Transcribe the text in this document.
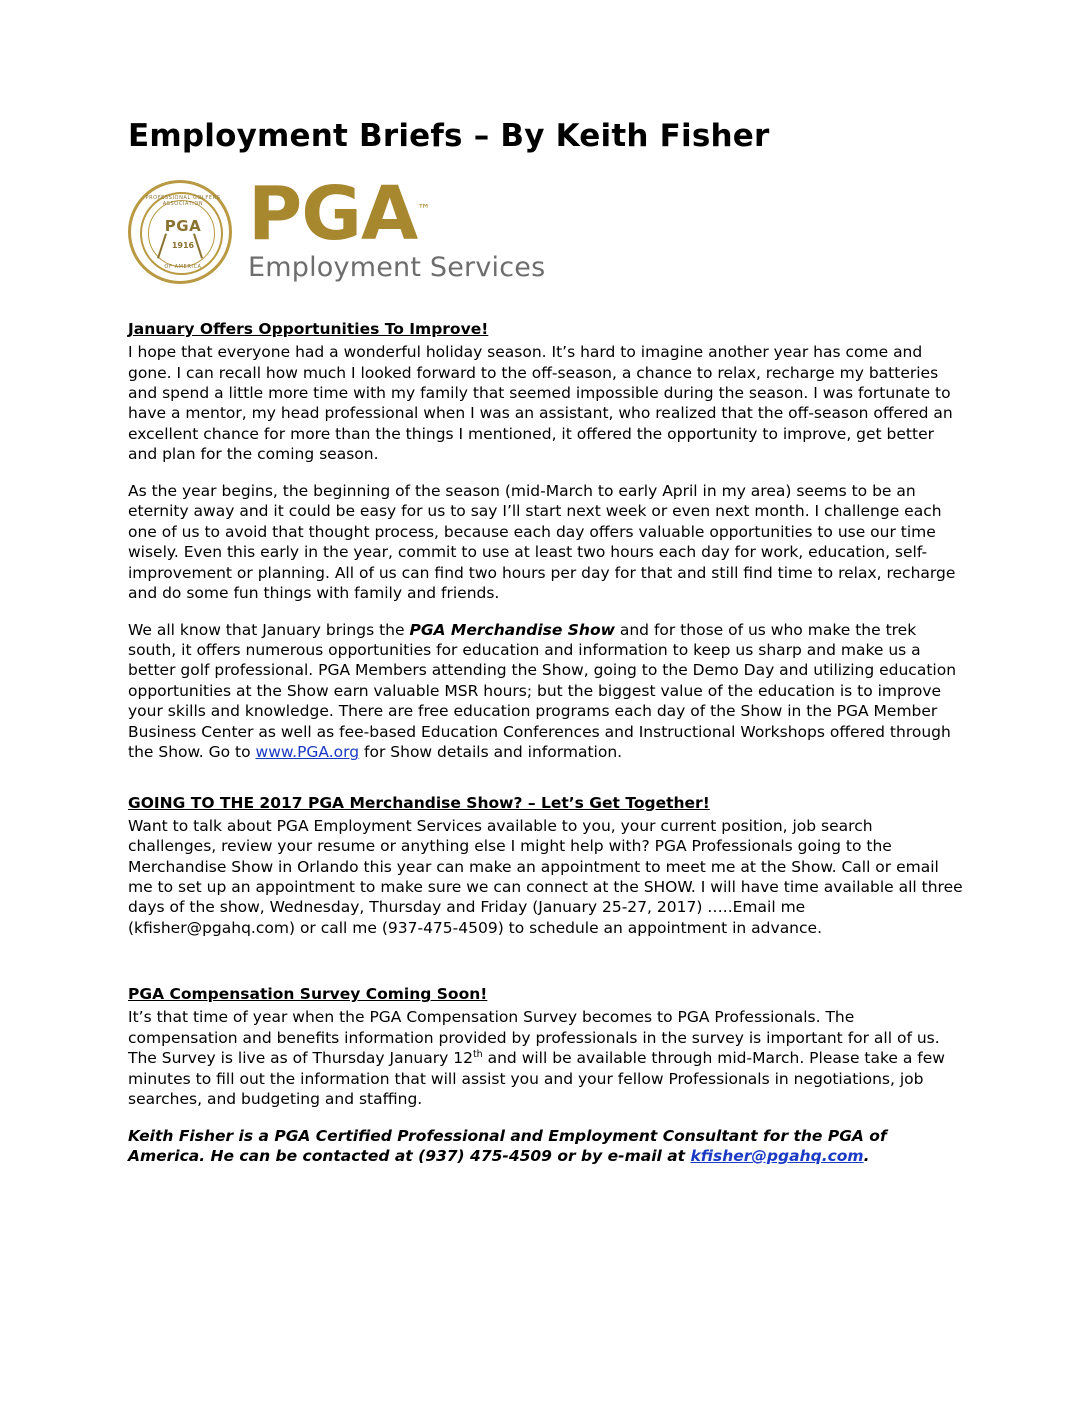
Employment Briefs – By Keith Fisher
PROFESSIONAL GOLFERS ASSOCIATION
PGA
1916
OF AMERICA
PGA™
Employment Services
January Offers Opportunities To Improve!

I hope that everyone had a wonderful holiday season. It’s hard to imagine another year has come and gone. I can recall how much I looked forward to the off-season, a chance to relax, recharge my batteries and spend a little more time with my family that seemed impossible during the season. I was fortunate to have a mentor, my head professional when I was an assistant, who realized that the off-season offered an excellent chance for more than the things I mentioned, it offered the opportunity to improve, get better and plan for the coming season.

As the year begins, the beginning of the season (mid-March to early April in my area) seems to be an eternity away and it could be easy for us to say I’ll start next week or even next month. I challenge each one of us to avoid that thought process, because each day offers valuable opportunities to use our time wisely. Even this early in the year, commit to use at least two hours each day for work, education, self-improvement or planning. All of us can find two hours per day for that and still find time to relax, recharge and do some fun things with family and friends.

We all know that January brings the PGA Merchandise Show and for those of us who make the trek south, it offers numerous opportunities for education and information to keep us sharp and make us a better golf professional. PGA Members attending the Show, going to the Demo Day and utilizing education opportunities at the Show earn valuable MSR hours; but the biggest value of the education is to improve your skills and knowledge. There are free education programs each day of the Show in the PGA Member Business Center as well as fee-based Education Conferences and Instructional Workshops offered through the Show. Go to www.PGA.org for Show details and information.

GOING TO THE 2017 PGA Merchandise Show? – Let’s Get Together!

Want to talk about PGA Employment Services available to you, your current position, job search challenges, review your resume or anything else I might help with? PGA Professionals going to the Merchandise Show in Orlando this year can make an appointment to meet me at the Show. Call or email me to set up an appointment to make sure we can connect at the SHOW. I will have time available all three days of the show, Wednesday, Thursday and Friday (January 25-27, 2017) …..Email me (kfisher@pgahq.com) or call me (937-475-4509) to schedule an appointment in advance.

PGA Compensation Survey Coming Soon!

It’s that time of year when the PGA Compensation Survey becomes to PGA Professionals. The compensation and benefits information provided by professionals in the survey is important for all of us. The Survey is live as of Thursday January 12th and will be available through mid-March. Please take a few minutes to fill out the information that will assist you and your fellow Professionals in negotiations, job searches, and budgeting and staffing.

Keith Fisher is a PGA Certified Professional and Employment Consultant for the PGA of America. He can be contacted at (937) 475-4509 or by e-mail at kfisher@pgahq.com.
